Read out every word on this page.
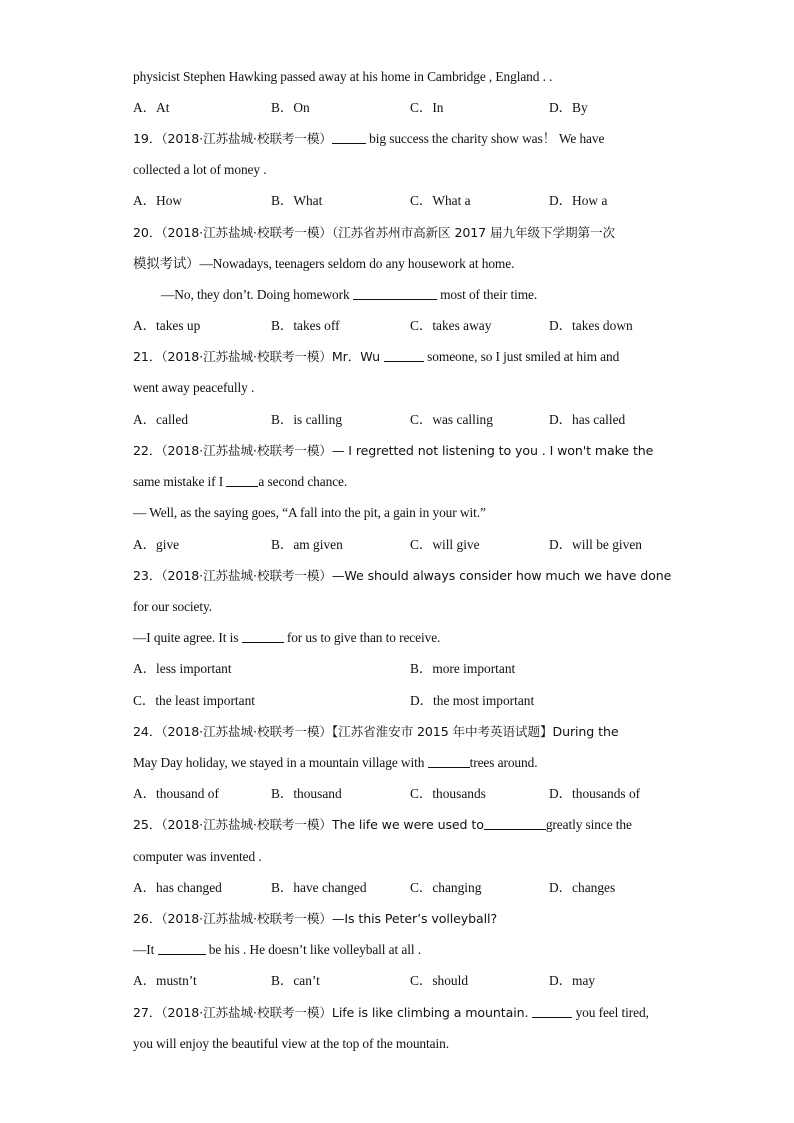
physicist Stephen Hawking passed away at his home in Cambridge , England . .
A．At	B．On	C．In	D．By
19．（2018·江苏盐城·校联考一模）	big success the charity show was！ We have
collected a lot of money .
A．How	B．What	C．What a	D．How a
20．（2018·江苏盐城·校联考一模）（江苏省苏州市高新区 2017 届九年级下学期第一次
模拟考试）—Nowadays, teenagers seldom do any housework at home.
—No, they don’t. Doing homework	most of their time.
A．takes up	B．takes off	C．takes away	D．takes down
21．（2018·江苏盐城·校联考一模）Mr．Wu	someone, so I just smiled at him and
went away peacefully .
A．called	B．is calling	C．was calling	D．has called
22．（2018·江苏盐城·校联考一模）— I regretted not listening to you . I won't make the
same mistake if I a second chance.
— Well, as the saying goes, “A fall into the pit, a gain in your wit.”
A．give	B．am given	C．will give	D．will be given
23．（2018·江苏盐城·校联考一模）—We should always consider how much we have done
for our society.
—I quite agree. It is	for us to give than to receive.
A．less important	B．more important
C．the least important	D．the most important
24．（2018·江苏盐城·校联考一模）【江苏省淮安市 2015 年中考英语试题】During the
May Day holiday, we stayed in a mountain village with	trees around.
A．thousand of	B．thousand	C．thousands	D．thousands of
25．（2018·江苏盐城·校联考一模）The life we were used to	greatly since the
computer was invented .
A．has changed	B．have changed	C．changing	D．changes
26．（2018·江苏盐城·校联考一模）—Is this Peter’s volleyball?
—It	be his . He doesn’t like volleyball at all .
A．mustn’t	B．can’t	C．should	D．may
27．（2018·江苏盐城·校联考一模）Life is like climbing a mountain.	you feel tired,
you will enjoy the beautiful view at the top of the mountain.
